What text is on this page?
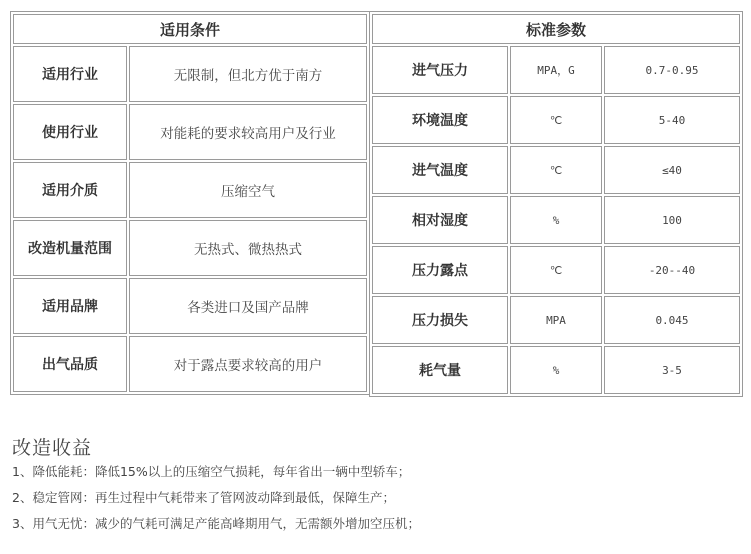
适用条件	
适用行业	无限制，但北方优于南方
使用行业	对能耗的要求较高用户及行业
适用介质	压缩空气
改造机量范围	无热式、微热热式
适用品牌	各类进口及国产品牌
出气品质	对于露点要求较高的用户
标准参数		
进气压力	MPA，G	0.7-0.95
环境温度	℃	5-40
进气温度	℃	≤40
相对湿度	%	100
压力露点	℃	-20--40
压力损失	MPA	0.045
耗气量	%	3-5
改造收益
1、降低能耗：降低15%以上的压缩空气损耗，每年省出一辆中型轿车；
2、稳定管网：再生过程中气耗带来了管网波动降到最低，保障生产；
3、用气无忧：减少的气耗可满足产能高峰期用气，无需额外增加空压机；
